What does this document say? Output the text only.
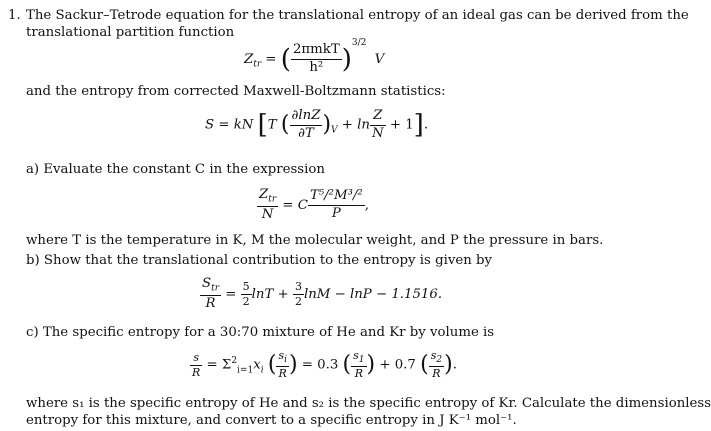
1. The Sackur–Tetrode equation for the translational entropy of an ideal gas can be derived from the
translational partition function
$Z_{tr}$ = ( $\frac{\text{2πmkT}}{\text{h²}} )^{3/2}$ V
and the entropy from corrected Maxwell-Boltzmann statistics:
S = kN [T ( $\frac{\partial\ln Z}{\partial T} )_V + \ln \frac{Z}{N} + 1$].
a) Evaluate the constant C in the expression
$\frac{Z_{tr}}{N} = C \frac{\text{T⁵/²M³/²}}{P}$ ,
where T is the temperature in K, M the molecular weight, and P the pressure in bars.
b) Show that the translational contribution to the entropy is given by
$\frac{S_{tr}}{R} = \frac{5}{2}$ $\ln T + \frac{3}{2}$ lnM − lnP − 1.1516.
c) The specific entropy for a 30:70 mixture of He and Kr by volume is
$\frac{s}{R} = \Sigma^2_{i=1}x_i$ ( $\frac{s_i}{R}$ ) = 0.3 ( $\frac{s_1}{R}$ ) + 0.7 ( $\frac{s_2}{R}$ ).
where s₁ is the specific entropy of He and s₂ is the specific entropy of Kr. Calculate the dimensionless
entropy for this mixture, and convert to a specific entropy in J K⁻¹ mol⁻¹.
